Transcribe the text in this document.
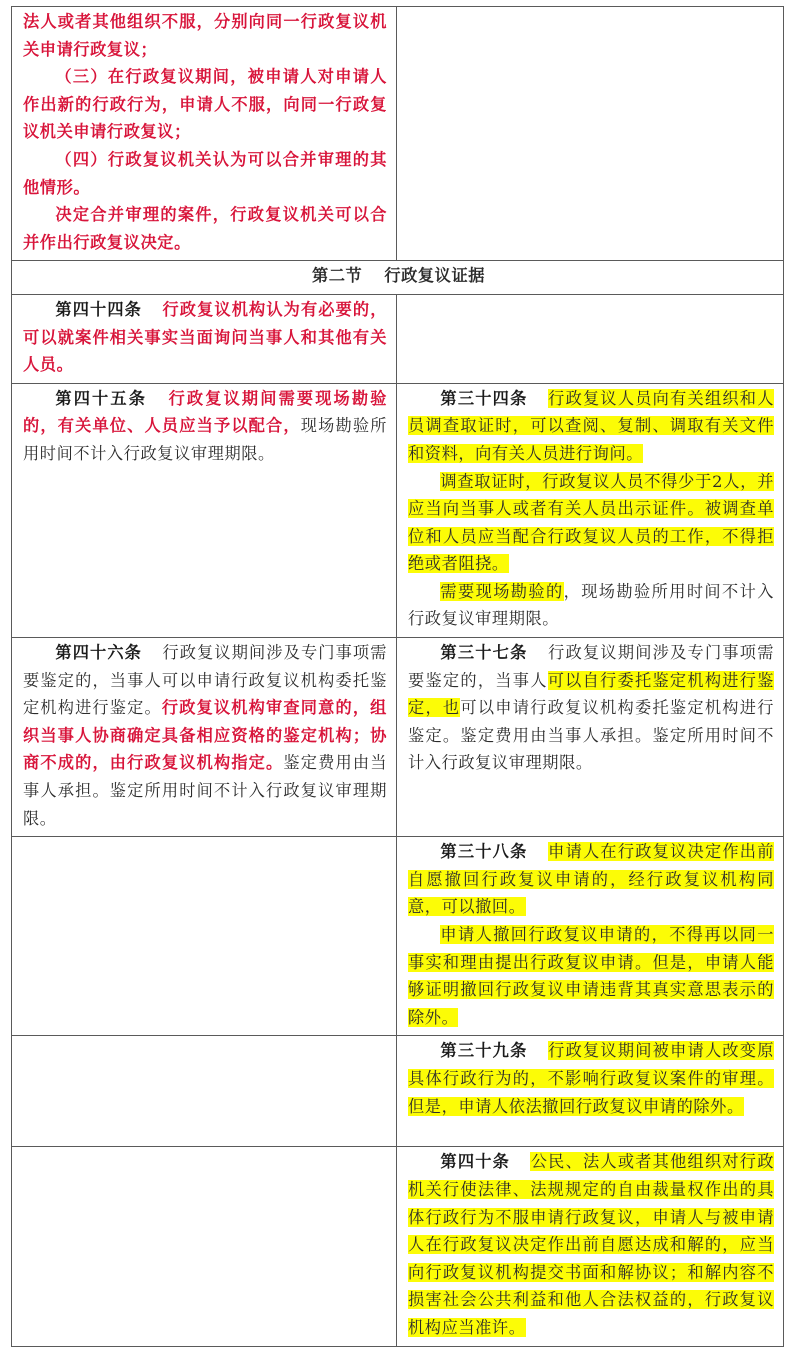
法人或者其他组织不服，分别向同一行政复议机关申请行政复议；

（三）在行政复议期间，被申请人对申请人作出新的行政行为，申请人不服，向同一行政复议机关申请行政复议；

（四）行政复议机关认为可以合并审理的其他情形。

决定合并审理的案件，行政复议机关可以合并作出行政复议决定。	

第二节 行政复议证据	

第四十四条 行政复议机构认为有必要的，可以就案件相关事实当面询问当事人和其他有关人员。	

第四十五条 行政复议期间需要现场勘验的，有关单位、人员应当予以配合，现场勘验所用时间不计入行政复议审理期限。	第三十四条 行政复议人员向有关组织和人员调查取证时，可以查阅、复制、调取有关文件和资料，向有关人员进行询问。

调查取证时，行政复议人员不得少于2人，并应当向当事人或者有关人员出示证件。被调查单位和人员应当配合行政复议人员的工作，不得拒绝或者阻挠。

需要现场勘验的，现场勘验所用时间不计入行政复议审理期限。

第四十六条 行政复议期间涉及专门事项需要鉴定的，当事人可以申请行政复议机构委托鉴定机构进行鉴定。行政复议机构审查同意的，组织当事人协商确定具备相应资格的鉴定机构；协商不成的，由行政复议机构指定。鉴定费用由当事人承担。鉴定所用时间不计入行政复议审理期限。	第三十七条 行政复议期间涉及专门事项需要鉴定的，当事人可以自行委托鉴定机构进行鉴定，也可以申请行政复议机构委托鉴定机构进行鉴定。鉴定费用由当事人承担。鉴定所用时间不计入行政复议审理期限。

	第三十八条 申请人在行政复议决定作出前自愿撤回行政复议申请的，经行政复议机构同意，可以撤回。

申请人撤回行政复议申请的，不得再以同一事实和理由提出行政复议申请。但是，申请人能够证明撤回行政复议申请违背其真实意思表示的除外。

	第三十九条 行政复议期间被申请人改变原具体行政行为的，不影响行政复议案件的审理。但是，申请人依法撤回行政复议申请的除外。

	第四十条 公民、法人或者其他组织对行政机关行使法律、法规规定的自由裁量权作出的具体行政行为不服申请行政复议，申请人与被申请人在行政复议决定作出前自愿达成和解的，应当向行政复议机构提交书面和解协议；和解内容不损害社会公共利益和他人合法权益的，行政复议机构应当准许。
